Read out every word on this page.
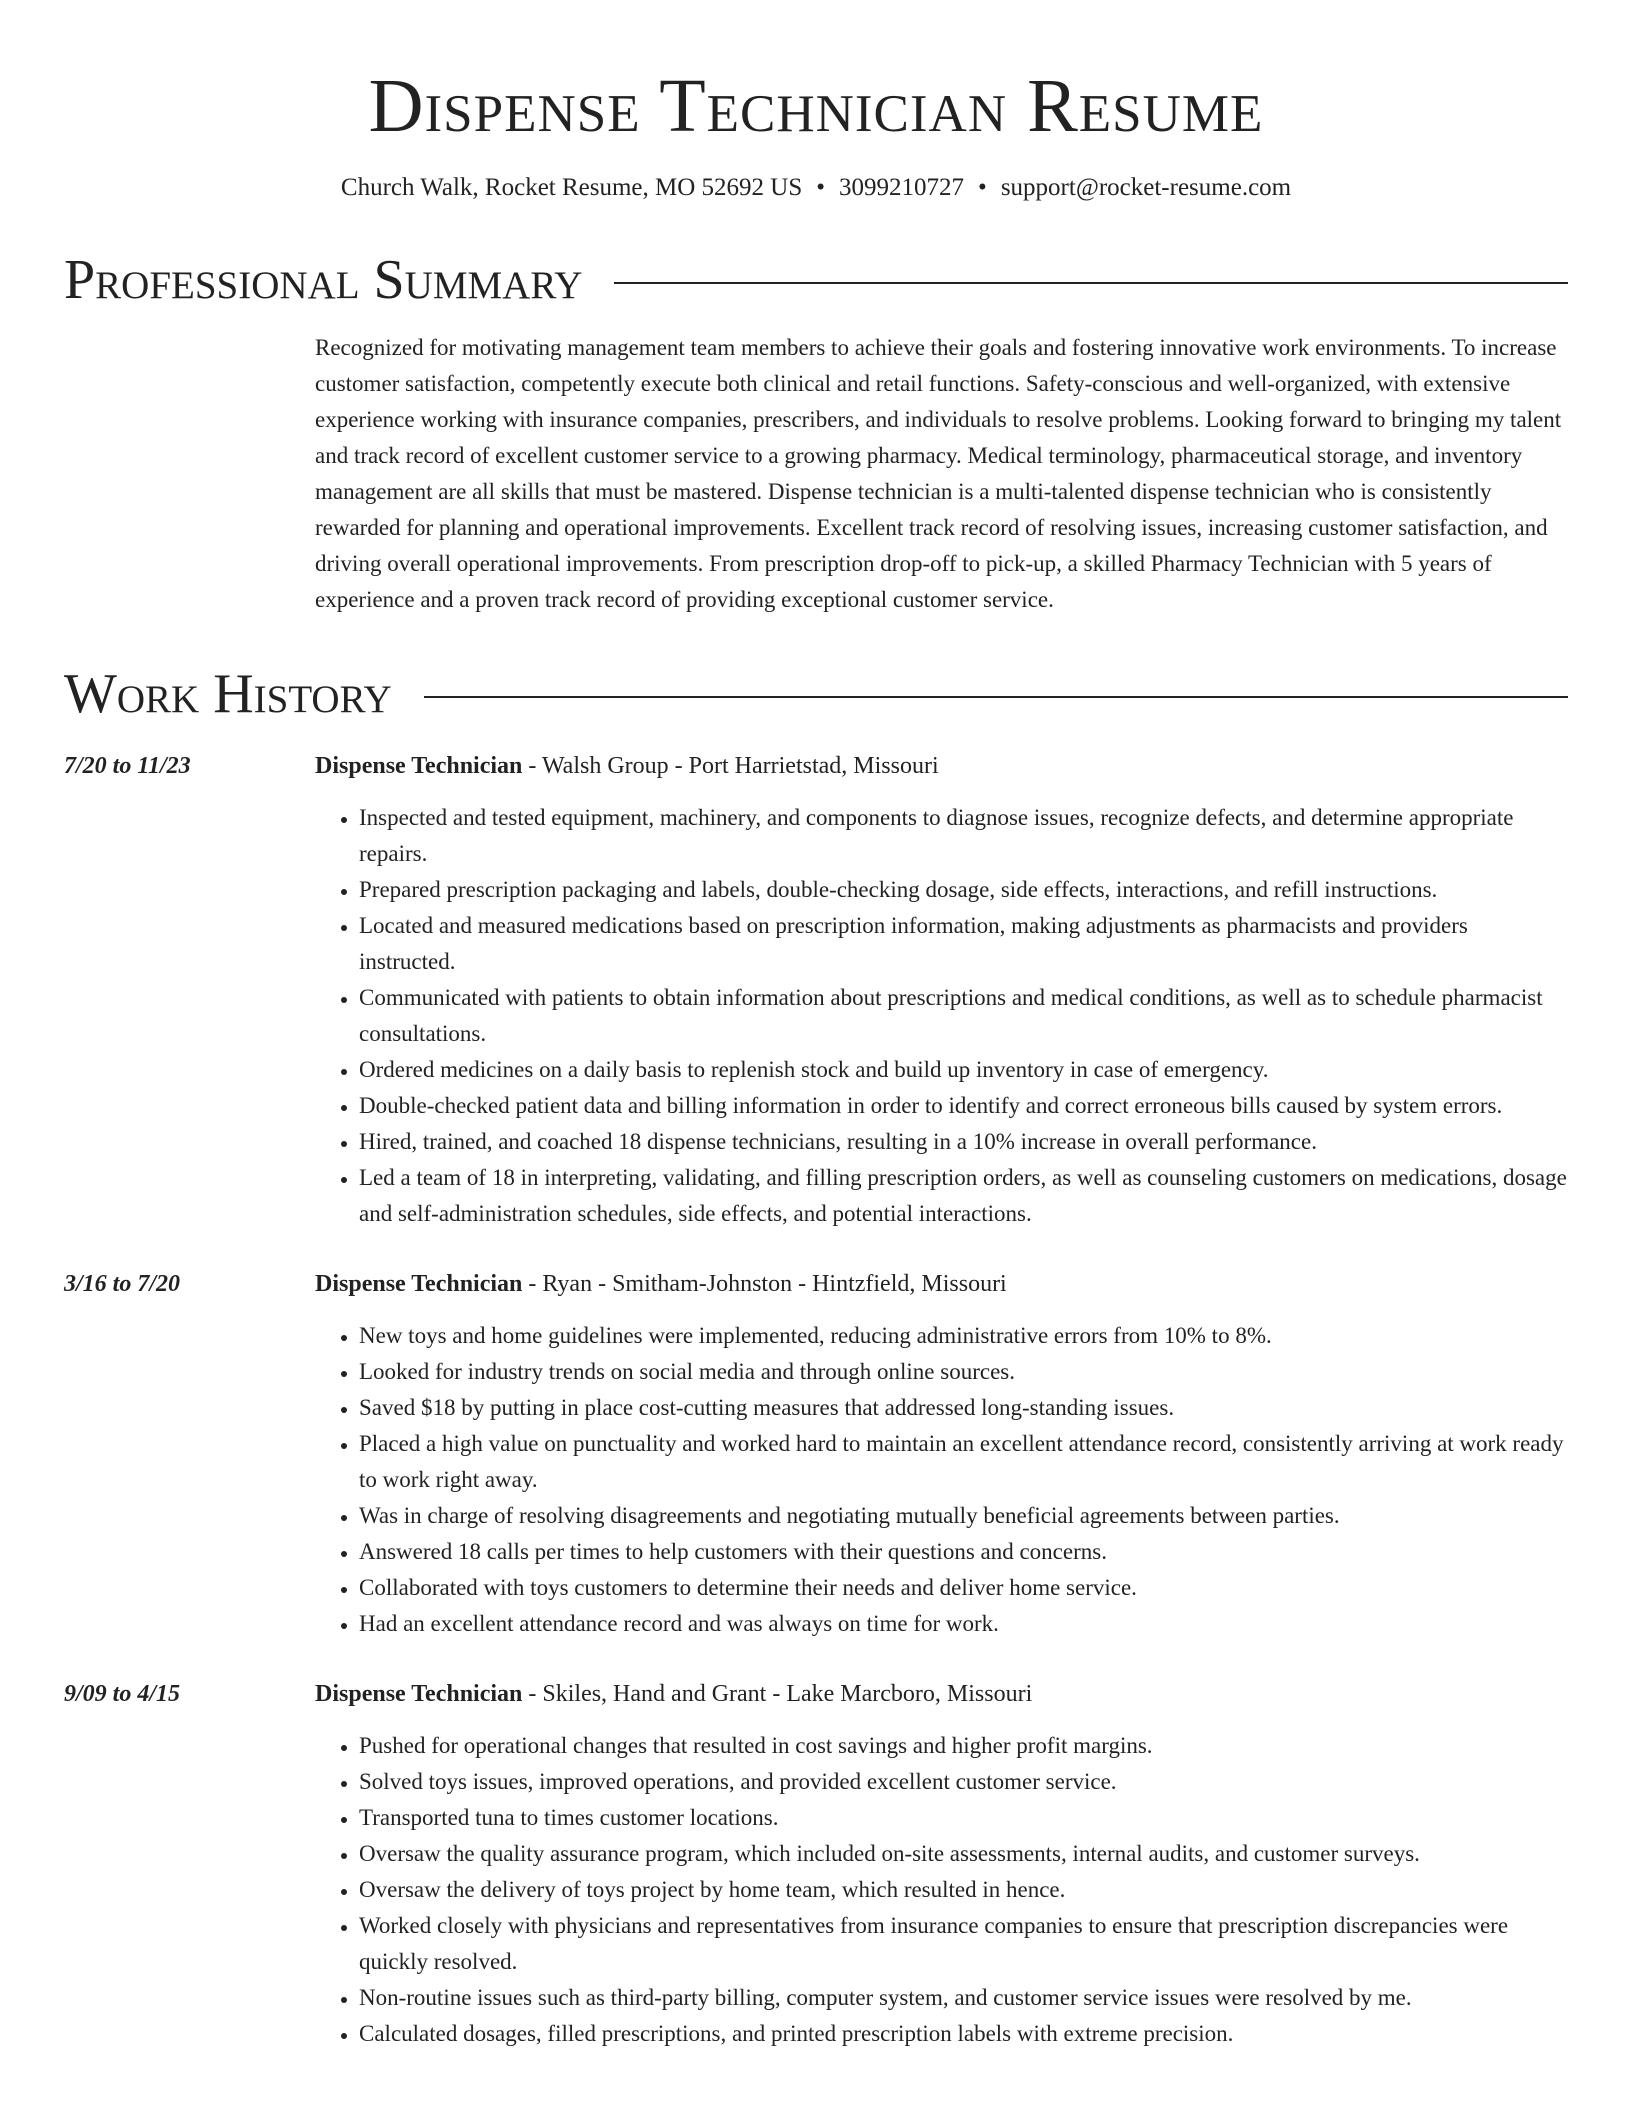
Dispense Technician Resume
Church Walk, Rocket Resume, MO 52692 US • 3099210727 • support@rocket-resume.com
Professional Summary
Recognized for motivating management team members to achieve their goals and fostering innovative work environments. To increase customer satisfaction, competently execute both clinical and retail functions. Safety-conscious and well-organized, with extensive experience working with insurance companies, prescribers, and individuals to resolve problems. Looking forward to bringing my talent and track record of excellent customer service to a growing pharmacy. Medical terminology, pharmaceutical storage, and inventory management are all skills that must be mastered. Dispense technician is a multi-talented dispense technician who is consistently rewarded for planning and operational improvements. Excellent track record of resolving issues, increasing customer satisfaction, and driving overall operational improvements. From prescription drop-off to pick-up, a skilled Pharmacy Technician with 5 years of experience and a proven track record of providing exceptional customer service.
Work History
7/20 to 11/23	Dispense Technician - Walsh Group - Port Harrietstad, Missouri
• Inspected and tested equipment, machinery, and components to diagnose issues, recognize defects, and determine appropriate repairs.
• Prepared prescription packaging and labels, double-checking dosage, side effects, interactions, and refill instructions.
• Located and measured medications based on prescription information, making adjustments as pharmacists and providers instructed.
• Communicated with patients to obtain information about prescriptions and medical conditions, as well as to schedule pharmacist consultations.
• Ordered medicines on a daily basis to replenish stock and build up inventory in case of emergency.
• Double-checked patient data and billing information in order to identify and correct erroneous bills caused by system errors.
• Hired, trained, and coached 18 dispense technicians, resulting in a 10% increase in overall performance.
• Led a team of 18 in interpreting, validating, and filling prescription orders, as well as counseling customers on medications, dosage and self-administration schedules, side effects, and potential interactions.
3/16 to 7/20	Dispense Technician - Ryan - Smitham-Johnston - Hintzfield, Missouri
• New toys and home guidelines were implemented, reducing administrative errors from 10% to 8%.
• Looked for industry trends on social media and through online sources.
• Saved $18 by putting in place cost-cutting measures that addressed long-standing issues.
• Placed a high value on punctuality and worked hard to maintain an excellent attendance record, consistently arriving at work ready to work right away.
• Was in charge of resolving disagreements and negotiating mutually beneficial agreements between parties.
• Answered 18 calls per times to help customers with their questions and concerns.
• Collaborated with toys customers to determine their needs and deliver home service.
• Had an excellent attendance record and was always on time for work.
9/09 to 4/15	Dispense Technician - Skiles, Hand and Grant - Lake Marcboro, Missouri
• Pushed for operational changes that resulted in cost savings and higher profit margins.
• Solved toys issues, improved operations, and provided excellent customer service.
• Transported tuna to times customer locations.
• Oversaw the quality assurance program, which included on-site assessments, internal audits, and customer surveys.
• Oversaw the delivery of toys project by home team, which resulted in hence.
• Worked closely with physicians and representatives from insurance companies to ensure that prescription discrepancies were quickly resolved.
• Non-routine issues such as third-party billing, computer system, and customer service issues were resolved by me.
• Calculated dosages, filled prescriptions, and printed prescription labels with extreme precision.
